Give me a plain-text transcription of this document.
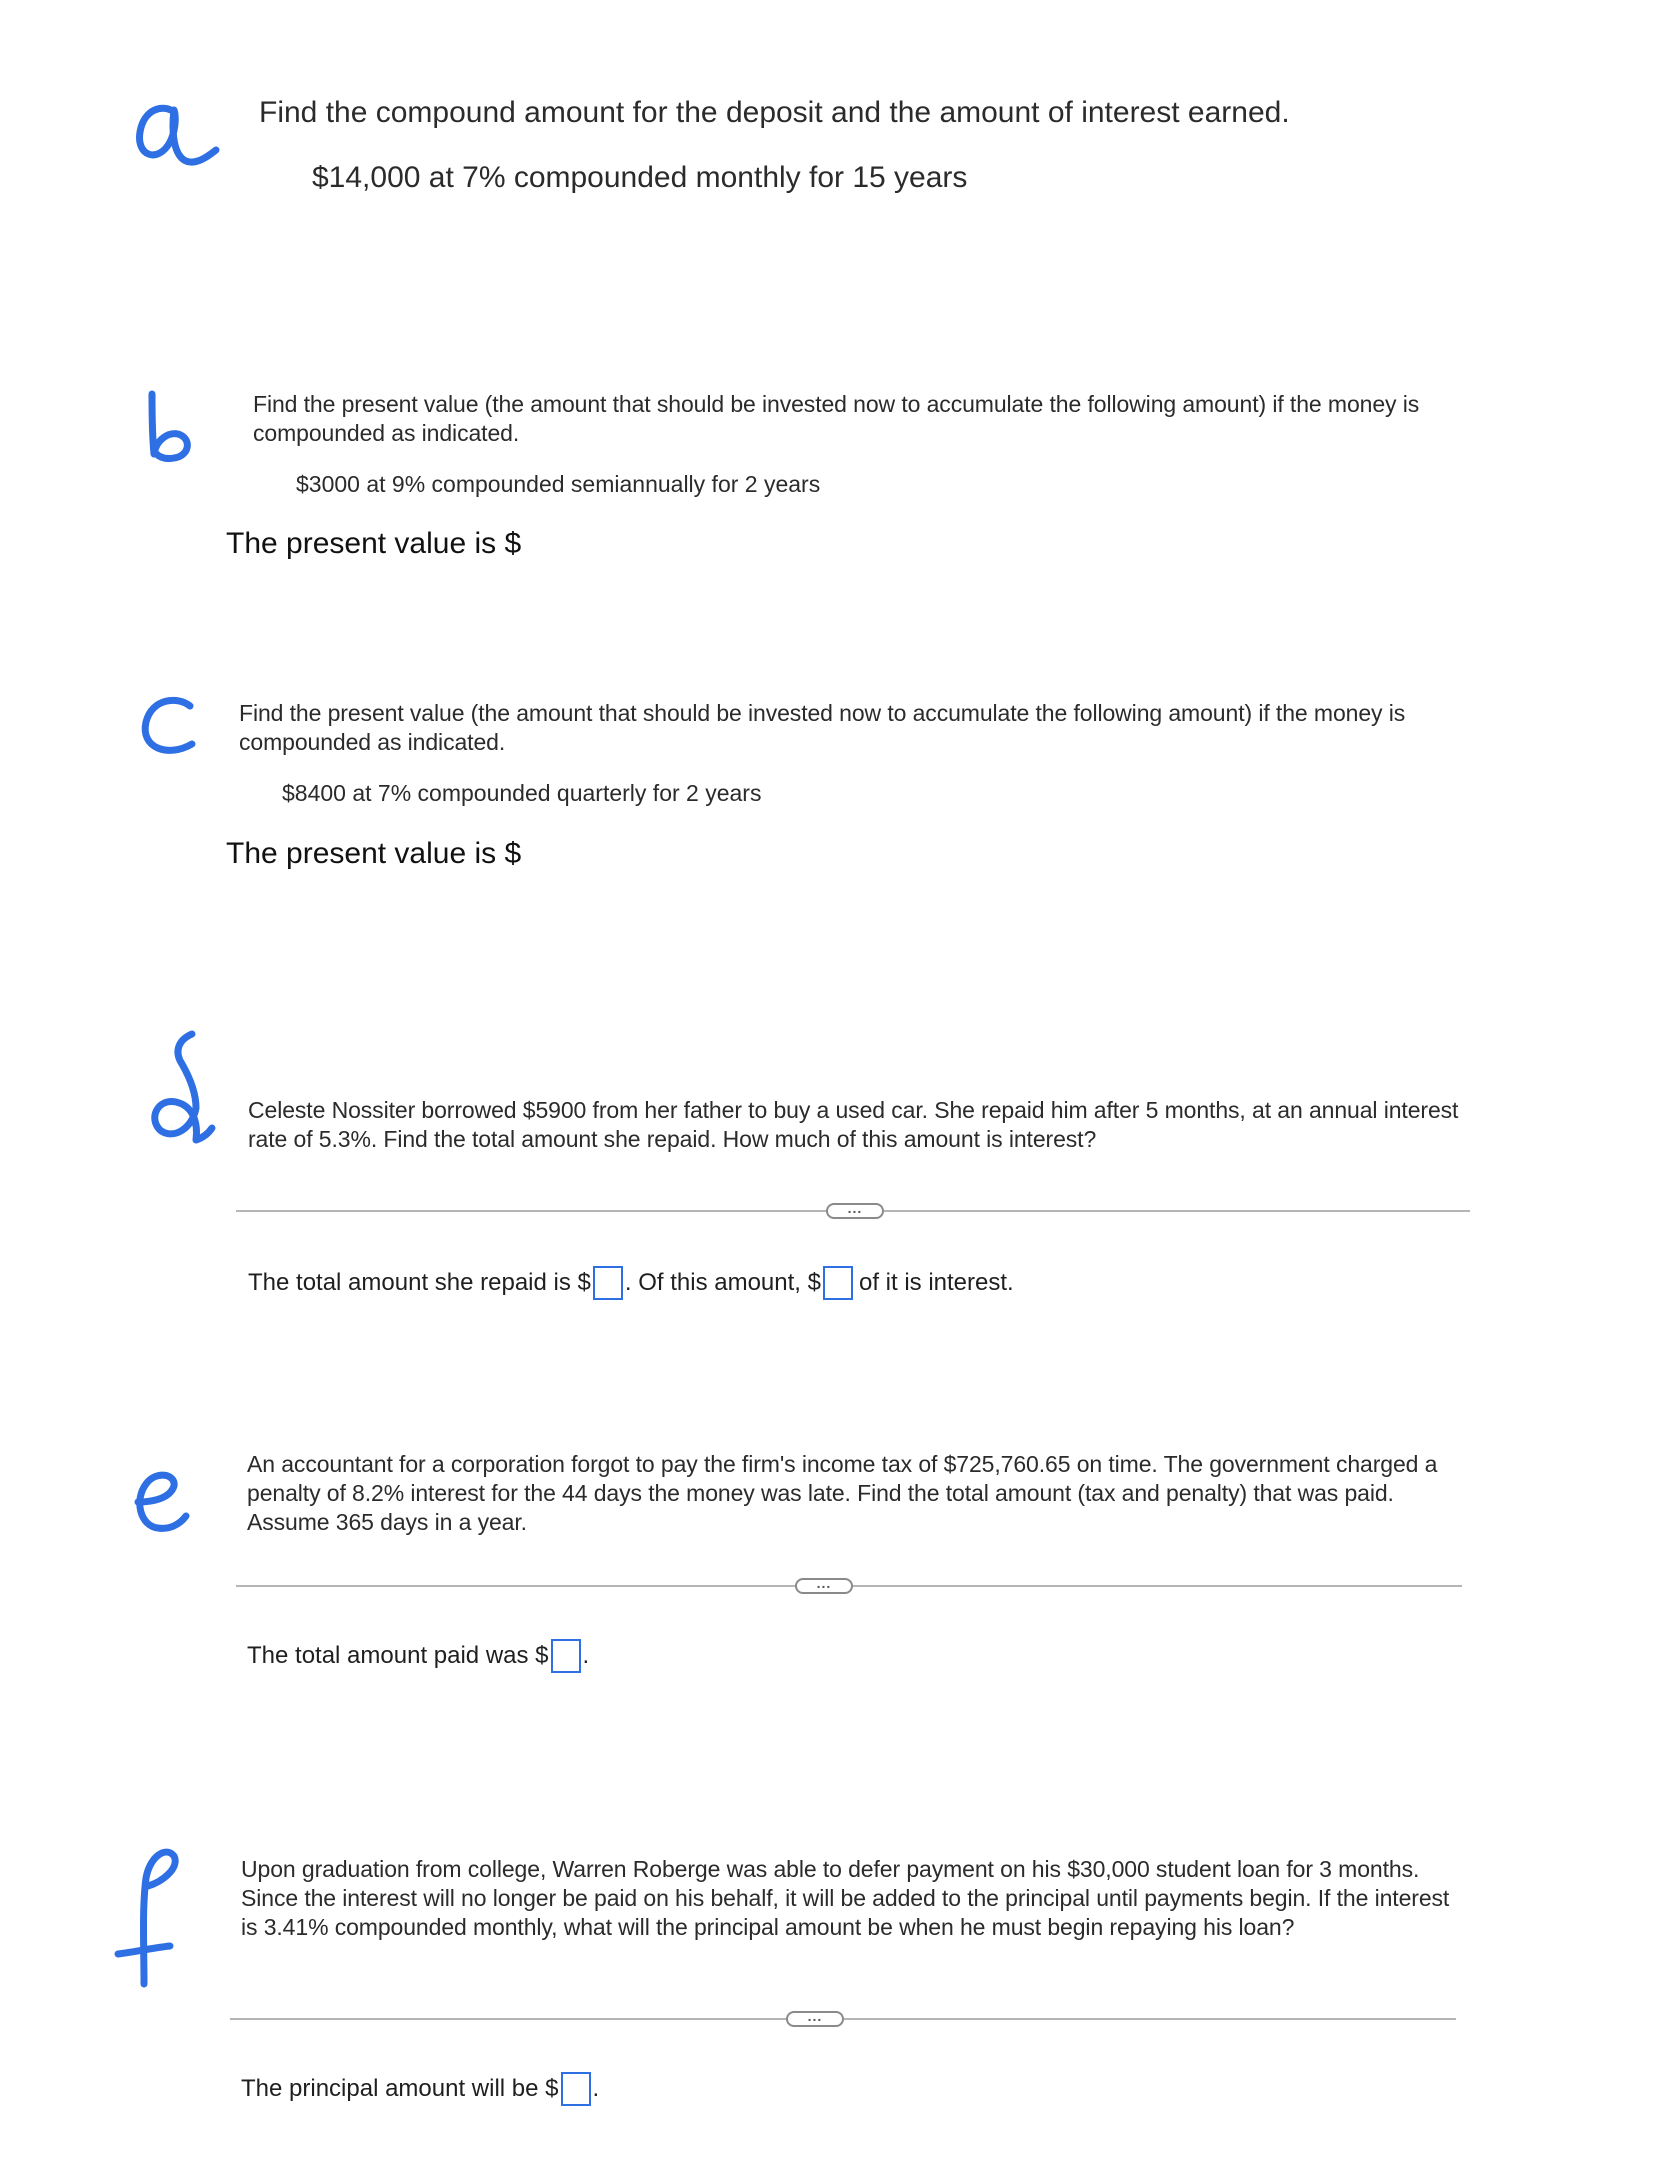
Find the compound amount for the deposit and the amount of interest earned.
$14,000 at 7% compounded monthly for 15 years
Find the present value (the amount that should be invested now to accumulate the following amount) if the money is compounded as indicated.
$3000 at 9% compounded semiannually for 2 years
The present value is $
Find the present value (the amount that should be invested now to accumulate the following amount) if the money is compounded as indicated.
$8400 at 7% compounded quarterly for 2 years
The present value is $
Celeste Nossiter borrowed $5900 from her father to buy a used car. She repaid him after 5 months, at an annual interest rate of 5.3%. Find the total amount she repaid. How much of this amount is interest?
...
The total amount she repaid is $ . Of this amount, $ of it is interest.
An accountant for a corporation forgot to pay the firm's income tax of $725,760.65 on time. The government charged a penalty of 8.2% interest for the 44 days the money was late. Find the total amount (tax and penalty) that was paid. Assume 365 days in a year.
...
The total amount paid was $ .
Upon graduation from college, Warren Roberge was able to defer payment on his $30,000 student loan for 3 months. Since the interest will no longer be paid on his behalf, it will be added to the principal until payments begin. If the interest is 3.41% compounded monthly, what will the principal amount be when he must begin repaying his loan?
...
The principal amount will be $ .
